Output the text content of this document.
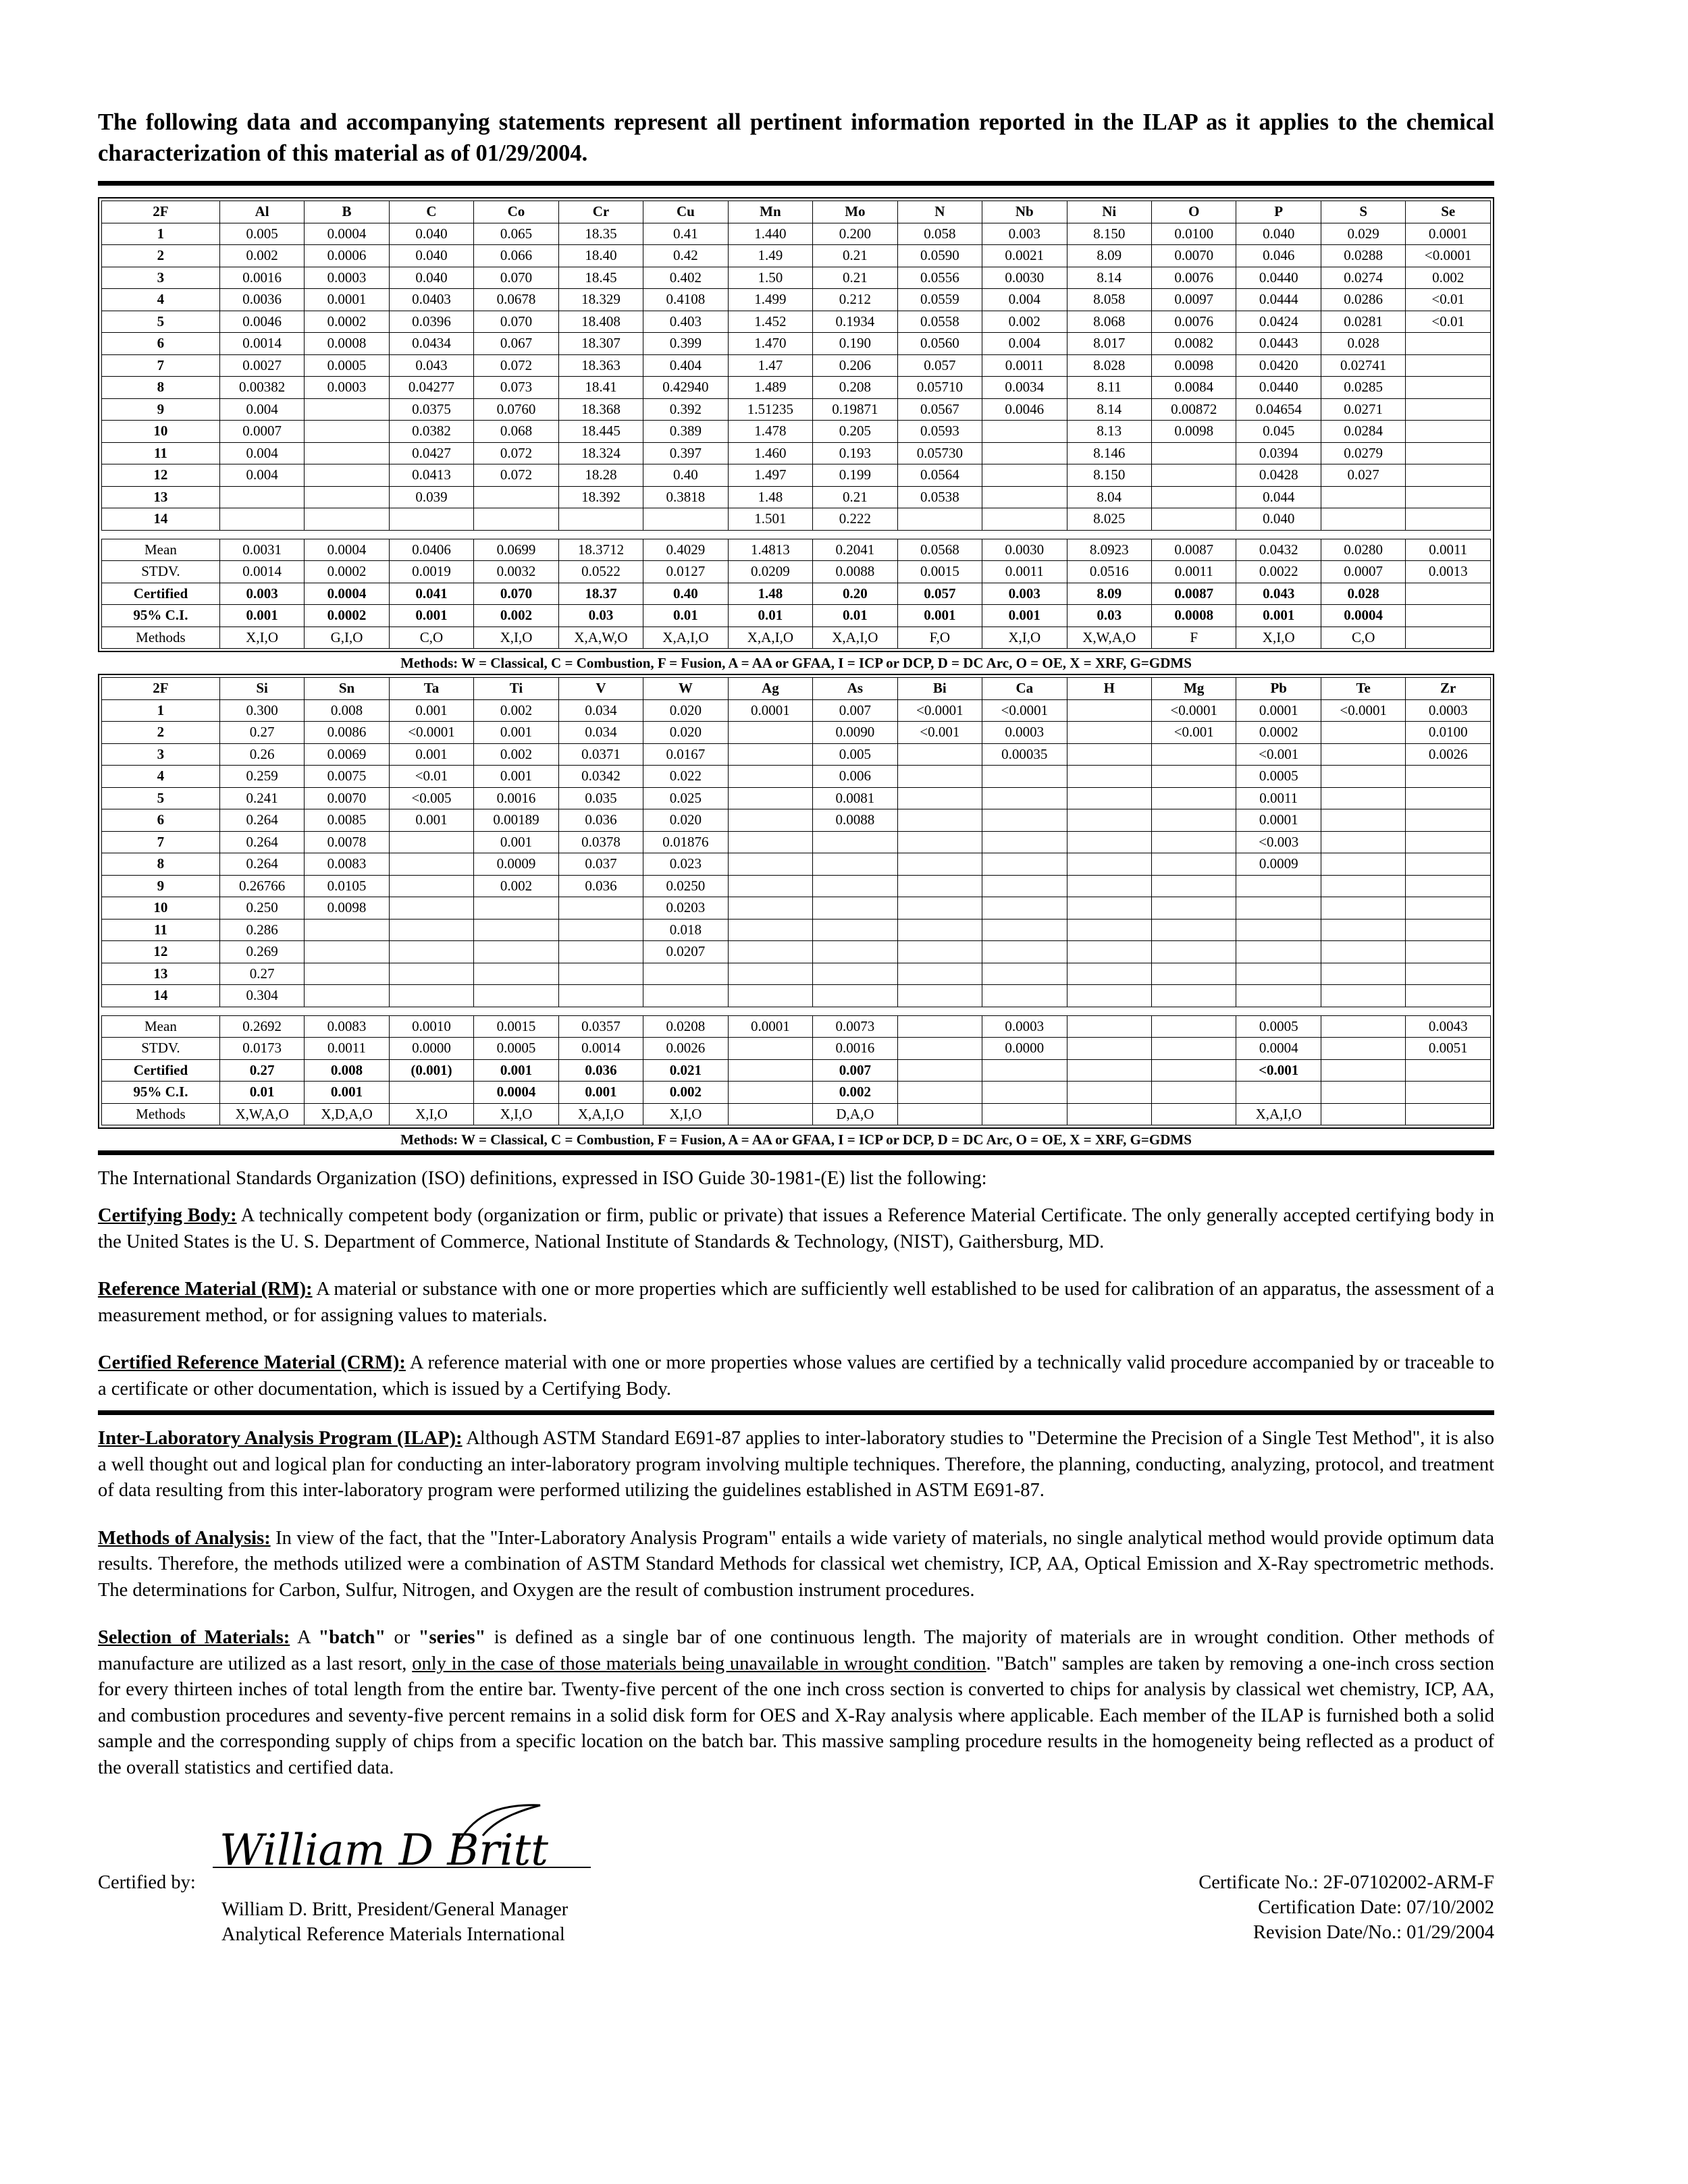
The following data and accompanying statements represent all pertinent information reported in the ILAP as it applies to the chemical characterization of this material as of 01/29/2004.

2F	Al	B	C	Co	Cr	Cu	Mn	Mo	N	Nb	Ni	O	P	S	Se
1	0.005	0.0004	0.040	0.065	18.35	0.41	1.440	0.200	0.058	0.003	8.150	0.0100	0.040	0.029	0.0001
2	0.002	0.0006	0.040	0.066	18.40	0.42	1.49	0.21	0.0590	0.0021	8.09	0.0070	0.046	0.0288	<0.0001
3	0.0016	0.0003	0.040	0.070	18.45	0.402	1.50	0.21	0.0556	0.0030	8.14	0.0076	0.0440	0.0274	0.002
4	0.0036	0.0001	0.0403	0.0678	18.329	0.4108	1.499	0.212	0.0559	0.004	8.058	0.0097	0.0444	0.0286	<0.01
5	0.0046	0.0002	0.0396	0.070	18.408	0.403	1.452	0.1934	0.0558	0.002	8.068	0.0076	0.0424	0.0281	<0.01
6	0.0014	0.0008	0.0434	0.067	18.307	0.399	1.470	0.190	0.0560	0.004	8.017	0.0082	0.0443	0.028	
7	0.0027	0.0005	0.043	0.072	18.363	0.404	1.47	0.206	0.057	0.0011	8.028	0.0098	0.0420	0.02741	
8	0.00382	0.0003	0.04277	0.073	18.41	0.42940	1.489	0.208	0.05710	0.0034	8.11	0.0084	0.0440	0.0285	
9	0.004		0.0375	0.0760	18.368	0.392	1.51235	0.19871	0.0567	0.0046	8.14	0.00872	0.04654	0.0271	
10	0.0007		0.0382	0.068	18.445	0.389	1.478	0.205	0.0593		8.13	0.0098	0.045	0.0284	
11	0.004		0.0427	0.072	18.324	0.397	1.460	0.193	0.05730		8.146		0.0394	0.0279	
12	0.004		0.0413	0.072	18.28	0.40	1.497	0.199	0.0564		8.150		0.0428	0.027	
13			0.039		18.392	0.3818	1.48	0.21	0.0538		8.04		0.044		
14							1.501	0.222			8.025		0.040		

Mean	0.0031	0.0004	0.0406	0.0699	18.3712	0.4029	1.4813	0.2041	0.0568	0.0030	8.0923	0.0087	0.0432	0.0280	0.0011
STDV.	0.0014	0.0002	0.0019	0.0032	0.0522	0.0127	0.0209	0.0088	0.0015	0.0011	0.0516	0.0011	0.0022	0.0007	0.0013
Certified	0.003	0.0004	0.041	0.070	18.37	0.40	1.48	0.20	0.057	0.003	8.09	0.0087	0.043	0.028	
95% C.I.	0.001	0.0002	0.001	0.002	0.03	0.01	0.01	0.01	0.001	0.001	0.03	0.0008	0.001	0.0004	
Methods	X,I,O	G,I,O	C,O	X,I,O	X,A,W,O	X,A,I,O	X,A,I,O	X,A,I,O	F,O	X,I,O	X,W,A,O	F	X,I,O	C,O	
Methods: W = Classical, C = Combustion, F = Fusion, A = AA or GFAA, I = ICP or DCP, D = DC Arc, O = OE, X = XRF, G=GDMS
2F	Si	Sn	Ta	Ti	V	W	Ag	As	Bi	Ca	H	Mg	Pb	Te	Zr
1	0.300	0.008	0.001	0.002	0.034	0.020	0.0001	0.007	<0.0001	<0.0001		<0.0001	0.0001	<0.0001	0.0003
2	0.27	0.0086	<0.0001	0.001	0.034	0.020		0.0090	<0.001	0.0003		<0.001	0.0002		0.0100
3	0.26	0.0069	0.001	0.002	0.0371	0.0167		0.005		0.00035			<0.001		0.0026
4	0.259	0.0075	<0.01	0.001	0.0342	0.022		0.006					0.0005		
5	0.241	0.0070	<0.005	0.0016	0.035	0.025		0.0081					0.0011		
6	0.264	0.0085	0.001	0.00189	0.036	0.020		0.0088					0.0001		
7	0.264	0.0078		0.001	0.0378	0.01876							<0.003		
8	0.264	0.0083		0.0009	0.037	0.023							0.0009		
9	0.26766	0.0105		0.002	0.036	0.0250									
10	0.250	0.0098				0.0203									
11	0.286					0.018									
12	0.269					0.0207									
13	0.27														
14	0.304														

Mean	0.2692	0.0083	0.0010	0.0015	0.0357	0.0208	0.0001	0.0073		0.0003			0.0005		0.0043
STDV.	0.0173	0.0011	0.0000	0.0005	0.0014	0.0026		0.0016		0.0000			0.0004		0.0051
Certified	0.27	0.008	(0.001)	0.001	0.036	0.021		0.007					<0.001		
95% C.I.	0.01	0.001		0.0004	0.001	0.002		0.002							
Methods	X,W,A,O	X,D,A,O	X,I,O	X,I,O	X,A,I,O	X,I,O		D,A,O					X,A,I,O		
Methods: W = Classical, C = Combustion, F = Fusion, A = AA or GFAA, I = ICP or DCP, D = DC Arc, O = OE, X = XRF, G=GDMS

The International Standards Organization (ISO) definitions, expressed in ISO Guide 30-1981-(E) list the following:

Certifying Body: A technically competent body (organization or firm, public or private) that issues a Reference Material Certificate. The only generally accepted certifying body in the United States is the U. S. Department of Commerce, National Institute of Standards & Technology, (NIST), Gaithersburg, MD.

Reference Material (RM): A material or substance with one or more properties which are sufficiently well established to be used for calibration of an apparatus, the assessment of a measurement method, or for assigning values to materials.

Certified Reference Material (CRM): A reference material with one or more properties whose values are certified by a technically valid procedure accompanied by or traceable to a certificate or other documentation, which is issued by a Certifying Body.

Inter-Laboratory Analysis Program (ILAP): Although ASTM Standard E691-87 applies to inter-laboratory studies to "Determine the Precision of a Single Test Method", it is also a well thought out and logical plan for conducting an inter-laboratory program involving multiple techniques. Therefore, the planning, conducting, analyzing, protocol, and treatment of data resulting from this inter-laboratory program were performed utilizing the guidelines established in ASTM E691-87.

Methods of Analysis: In view of the fact, that the "Inter-Laboratory Analysis Program" entails a wide variety of materials, no single analytical method would provide optimum data results. Therefore, the methods utilized were a combination of ASTM Standard Methods for classical wet chemistry, ICP, AA, Optical Emission and X-Ray spectrometric methods. The determinations for Carbon, Sulfur, Nitrogen, and Oxygen are the result of combustion instrument procedures.

Selection of Materials: A "batch" or "series" is defined as a single bar of one continuous length. The majority of materials are in wrought condition. Other methods of manufacture are utilized as a last resort, only in the case of those materials being unavailable in wrought condition. "Batch" samples are taken by removing a one-inch cross section for every thirteen inches of total length from the entire bar. Twenty-five percent of the one inch cross section is converted to chips for analysis by classical wet chemistry, ICP, AA, and combustion procedures and seventy-five percent remains in a solid disk form for OES and X-Ray analysis where applicable. Each member of the ILAP is furnished both a solid sample and the corresponding supply of chips from a specific location on the batch bar. This massive sampling procedure results in the homogeneity being reflected as a product of the overall statistics and certified data.

Certified by:
William D Britt
William D. Britt, President/General Manager
Analytical Reference Materials International
Certificate No.: 2F-07102002-ARM-F
Certification Date: 07/10/2002
Revision Date/No.: 01/29/2004
